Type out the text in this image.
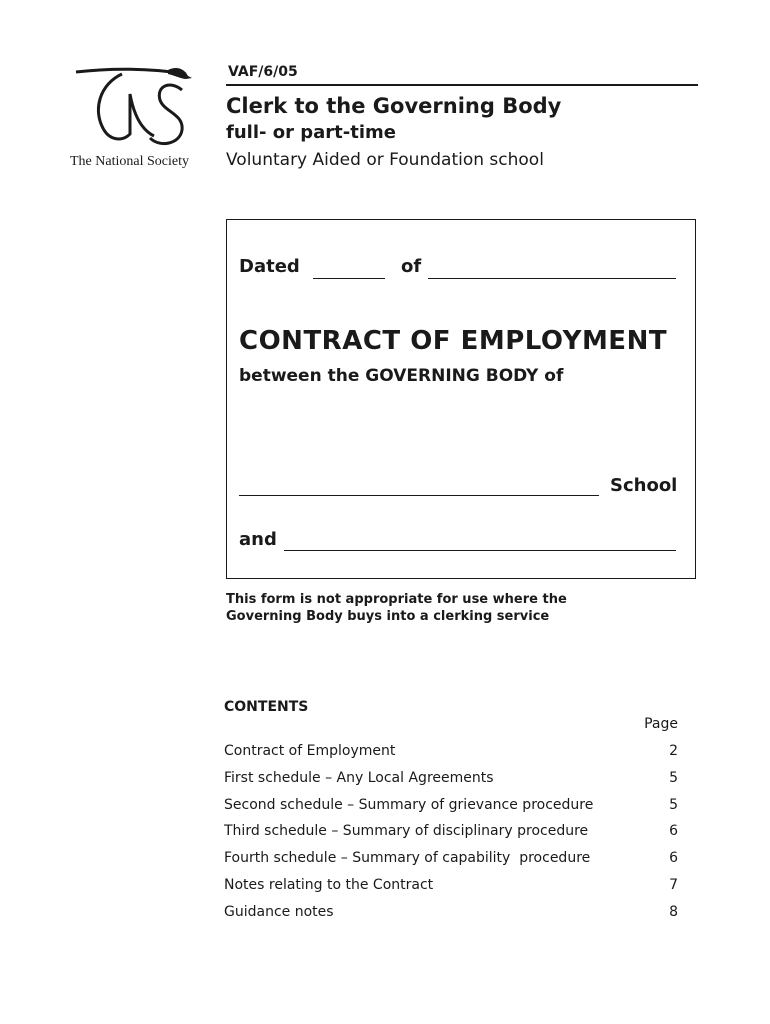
The National Society
VAF/6/05
Clerk to the Governing Body
full- or part-time
Voluntary Aided or Foundation school
Dated	of
CONTRACT OF EMPLOYMENT
between the GOVERNING BODY of
School
and
This form is not appropriate for use where the
Governing Body buys into a clerking service
CONTENTS
Page
Contract of Employment	2
First schedule – Any Local Agreements	5
Second schedule – Summary of grievance procedure	5
Third schedule – Summary of disciplinary procedure	6
Fourth schedule – Summary of capability  procedure	6
Notes relating to the Contract	7
Guidance notes	8
